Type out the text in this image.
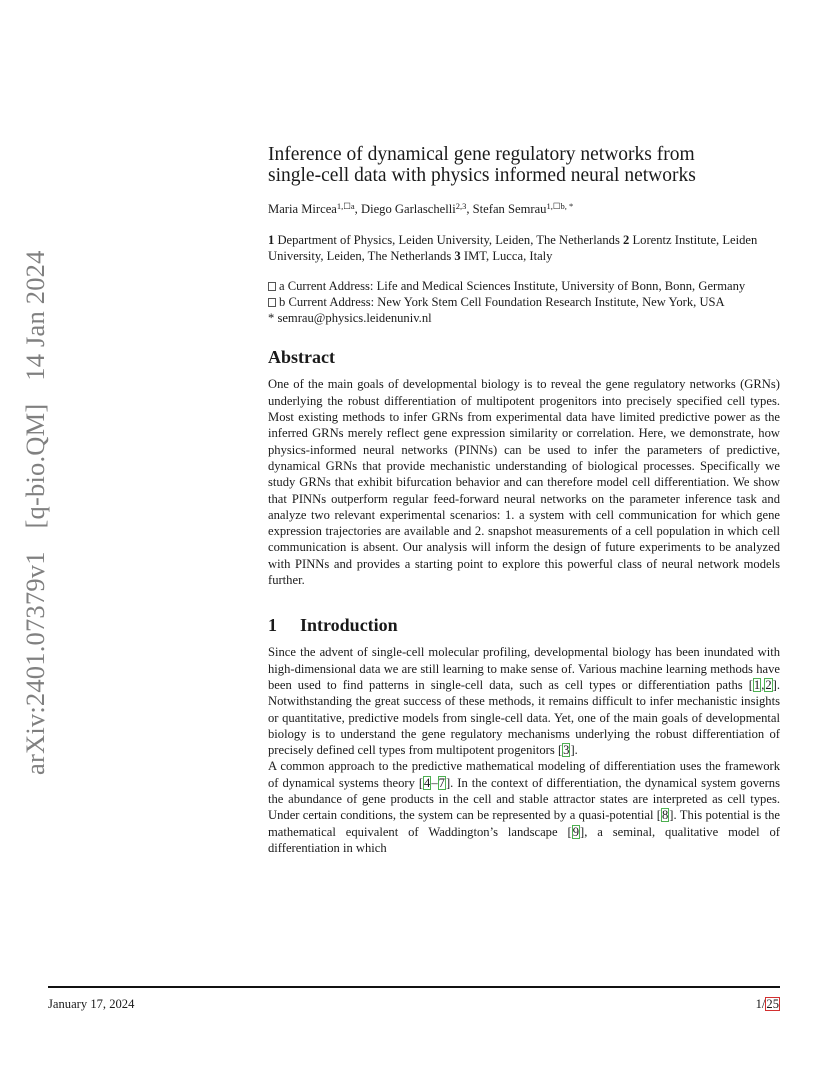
arXiv:2401.07379v1 [q-bio.QM] 14 Jan 2024
Inference of dynamical gene regulatory networks from
single-cell data with physics informed neural networks
Maria Mircea$^{1,☐a}$, Diego Garlaschelli$^{2,3}$, Stefan Semrau$^{1,☐b, *}$
1 Department of Physics, Leiden University, Leiden, The Netherlands 2 Lorentz Institute, Leiden University, Leiden, The Netherlands 3 IMT, Lucca, Italy
a Current Address: Life and Medical Sciences Institute, University of Bonn, Bonn, Germany
b Current Address: New York Stem Cell Foundation Research Institute, New York, USA
* semrau@physics.leidenuniv.nl
Abstract

One of the main goals of developmental biology is to reveal the gene regulatory networks (GRNs) underlying the robust differentiation of multipotent progenitors into precisely specified cell types. Most existing methods to infer GRNs from experimental data have limited predictive power as the inferred GRNs merely reflect gene expression similarity or correlation. Here, we demonstrate, how physics-informed neural networks (PINNs) can be used to infer the parameters of predictive, dynamical GRNs that provide mechanistic understanding of biological processes. Specifically we study GRNs that exhibit bifurcation behavior and can therefore model cell differentiation. We show that PINNs outperform regular feed-forward neural networks on the parameter inference task and analyze two relevant experimental scenarios: 1. a system with cell communication for which gene expression trajectories are available and 2. snapshot measurements of a cell population in which cell communication is absent. Our analysis will inform the design of future experiments to be analyzed with PINNs and provides a starting point to explore this powerful class of neural network models further.

1 Introduction

Since the advent of single-cell molecular profiling, developmental biology has been inundated with high-dimensional data we are still learning to make sense of. Various machine learning methods have been used to find patterns in single-cell data, such as cell types or differentiation paths [1,2]. Notwithstanding the great success of these methods, it remains difficult to infer mechanistic insights or quantitative, predictive models from single-cell data. Yet, one of the main goals of developmental biology is to understand the gene regulatory mechanisms underlying the robust differentiation of precisely defined cell types from multipotent progenitors [3].

A common approach to the predictive mathematical modeling of differentiation uses the framework of dynamical systems theory [4–7]. In the context of differentiation, the dynamical system governs the abundance of gene products in the cell and stable attractor states are interpreted as cell types. Under certain conditions, the system can be represented by a quasi-potential [8]. This potential is the mathematical equivalent of Waddington’s landscape [9], a seminal, qualitative model of differentiation in which

January 17, 2024	1/25
